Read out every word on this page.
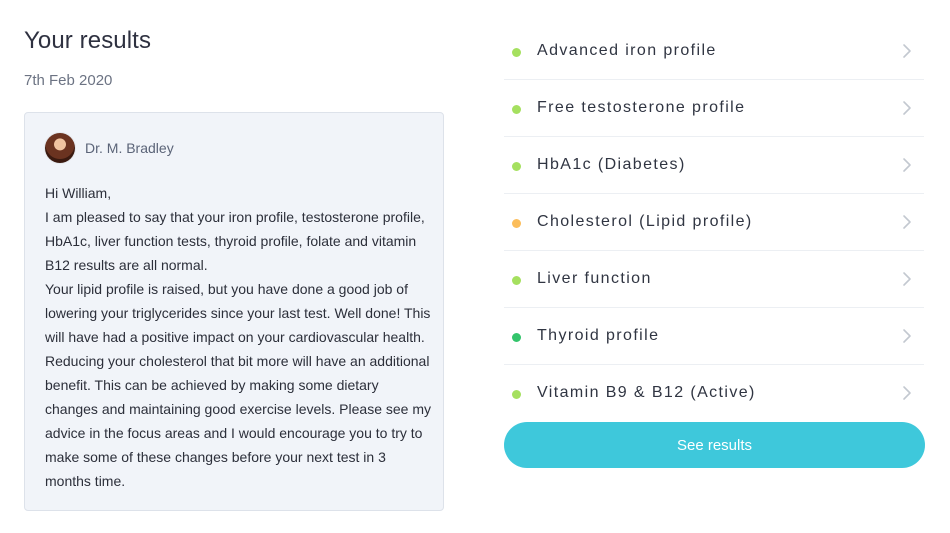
Your results
7th Feb 2020
Dr. M. Bradley

Hi William,

I am pleased to say that your iron profile, testosterone profile, HbA1c, liver function tests, thyroid profile, folate and vitamin B12 results are all normal.

Your lipid profile is raised, but you have done a good job of lowering your triglycerides since your last test. Well done! This will have had a positive impact on your cardiovascular health. Reducing your cholesterol that bit more will have an additional benefit. This can be achieved by making some dietary changes and maintaining good exercise levels. Please see my advice in the focus areas and I would encourage you to try to make some of these changes before your next test in 3 months time.

Advanced iron profile
Free testosterone profile
HbA1c (Diabetes)
Cholesterol (Lipid profile)
Liver function
Thyroid profile
Vitamin B9 & B12 (Active)
See results
